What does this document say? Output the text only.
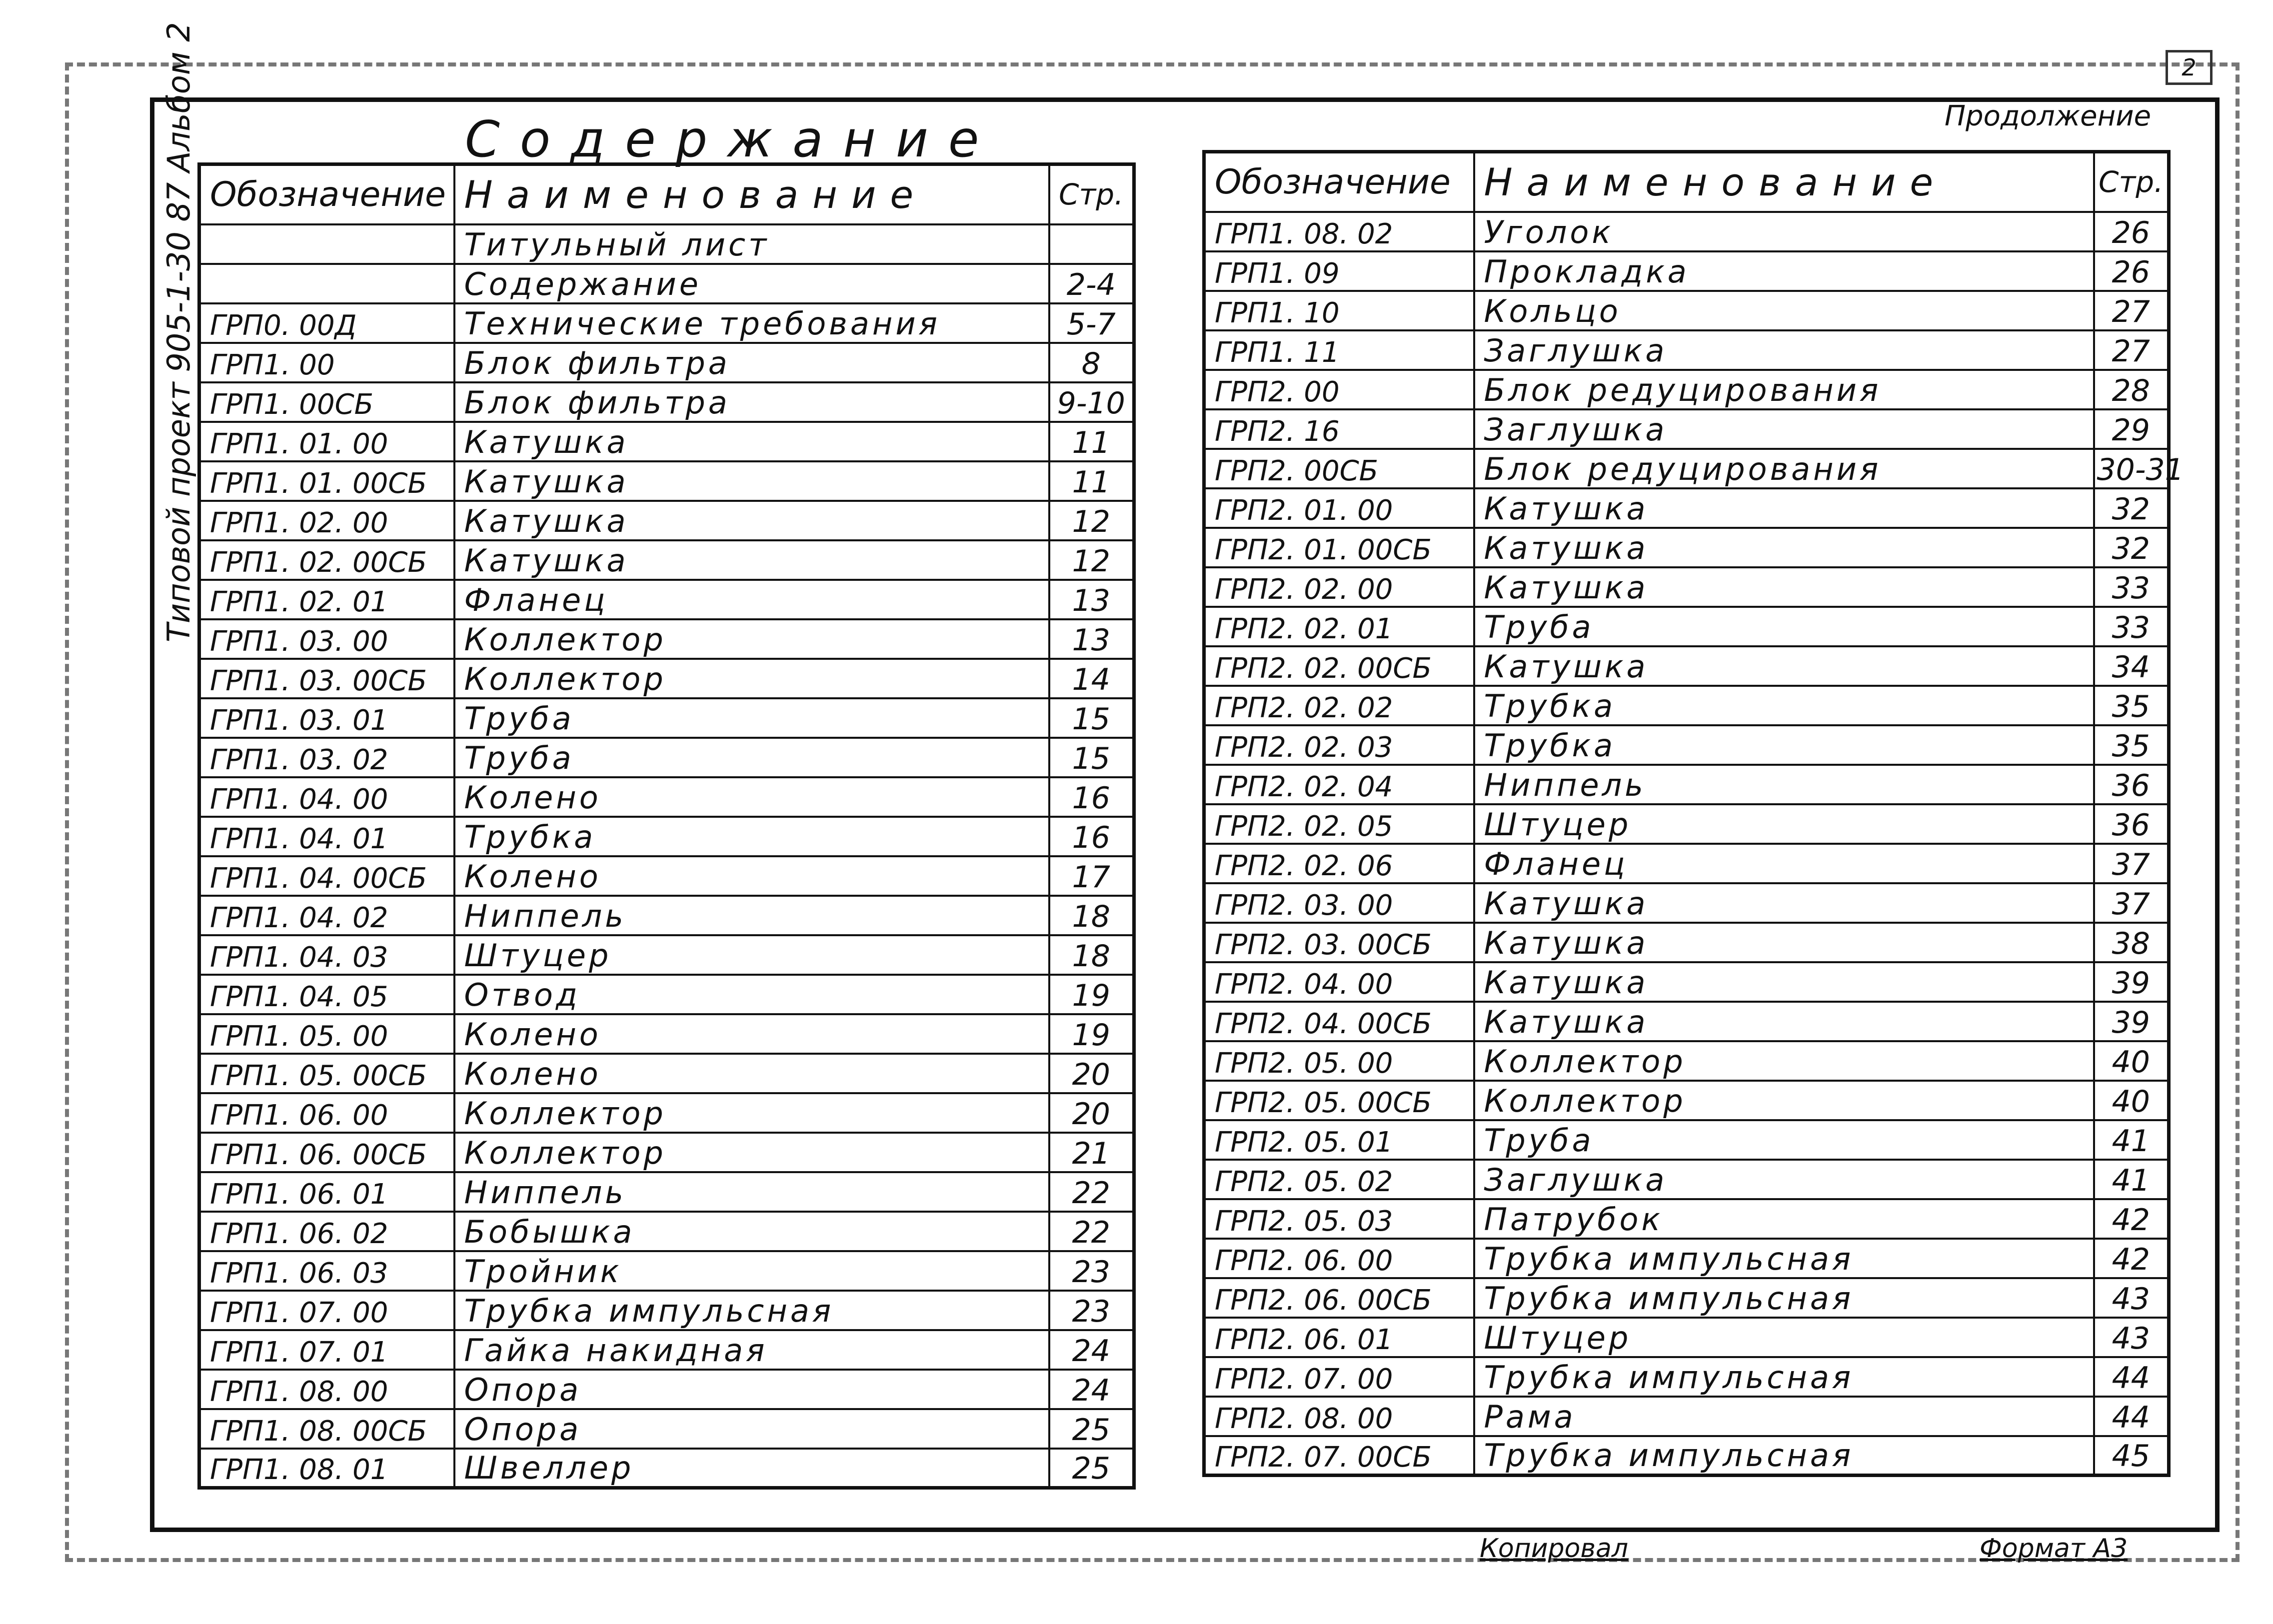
2
Типовой проект 905-1-30 87 Альбом 2	Содержание	Продолжение
Обозначение	Наименование	Стр.
	Титульный лист	
	Содержание	2-4
ГРП0. 00Д	Технические требования	5-7
ГРП1. 00	Блок фильтра	8
ГРП1. 00СБ	Блок фильтра	9-10
ГРП1. 01. 00	Катушка	11
ГРП1. 01. 00СБ	Катушка	11
ГРП1. 02. 00	Катушка	12
ГРП1. 02. 00СБ	Катушка	12
ГРП1. 02. 01	Фланец	13
ГРП1. 03. 00	Коллектор	13
ГРП1. 03. 00СБ	Коллектор	14
ГРП1. 03. 01	Труба	15
ГРП1. 03. 02	Труба	15
ГРП1. 04. 00	Колено	16
ГРП1. 04. 01	Трубка	16
ГРП1. 04. 00СБ	Колено	17
ГРП1. 04. 02	Ниппель	18
ГРП1. 04. 03	Штуцер	18
ГРП1. 04. 05	Отвод	19
ГРП1. 05. 00	Колено	19
ГРП1. 05. 00СБ	Колено	20
ГРП1. 06. 00	Коллектор	20
ГРП1. 06. 00СБ	Коллектор	21
ГРП1. 06. 01	Ниппель	22
ГРП1. 06. 02	Бобышка	22
ГРП1. 06. 03	Тройник	23
ГРП1. 07. 00	Трубка импульсная	23
ГРП1. 07. 01	Гайка накидная	24
ГРП1. 08. 00	Опора	24
ГРП1. 08. 00СБ	Опора	25
ГРП1. 08. 01	Швеллер	25
Обозначение	Наименование	Стр.
ГРП1. 08. 02	Уголок	26
ГРП1. 09	Прокладка	26
ГРП1. 10	Кольцо	27
ГРП1. 11	Заглушка	27
ГРП2. 00	Блок редуцирования	28
ГРП2. 16	Заглушка	29
ГРП2. 00СБ	Блок редуцирования	30-31
ГРП2. 01. 00	Катушка	32
ГРП2. 01. 00СБ	Катушка	32
ГРП2. 02. 00	Катушка	33
ГРП2. 02. 01	Труба	33
ГРП2. 02. 00СБ	Катушка	34
ГРП2. 02. 02	Трубка	35
ГРП2. 02. 03	Трубка	35
ГРП2. 02. 04	Ниппель	36
ГРП2. 02. 05	Штуцер	36
ГРП2. 02. 06	Фланец	37
ГРП2. 03. 00	Катушка	37
ГРП2. 03. 00СБ	Катушка	38
ГРП2. 04. 00	Катушка	39
ГРП2. 04. 00СБ	Катушка	39
ГРП2. 05. 00	Коллектор	40
ГРП2. 05. 00СБ	Коллектор	40
ГРП2. 05. 01	Труба	41
ГРП2. 05. 02	Заглушка	41
ГРП2. 05. 03	Патрубок	42
ГРП2. 06. 00	Трубка импульсная	42
ГРП2. 06. 00СБ	Трубка импульсная	43
ГРП2. 06. 01	Штуцер	43
ГРП2. 07. 00	Трубка импульсная	44
ГРП2. 08. 00	Рама	44
ГРП2. 07. 00СБ	Трубка импульсная	45
Копировал	Формат А3
